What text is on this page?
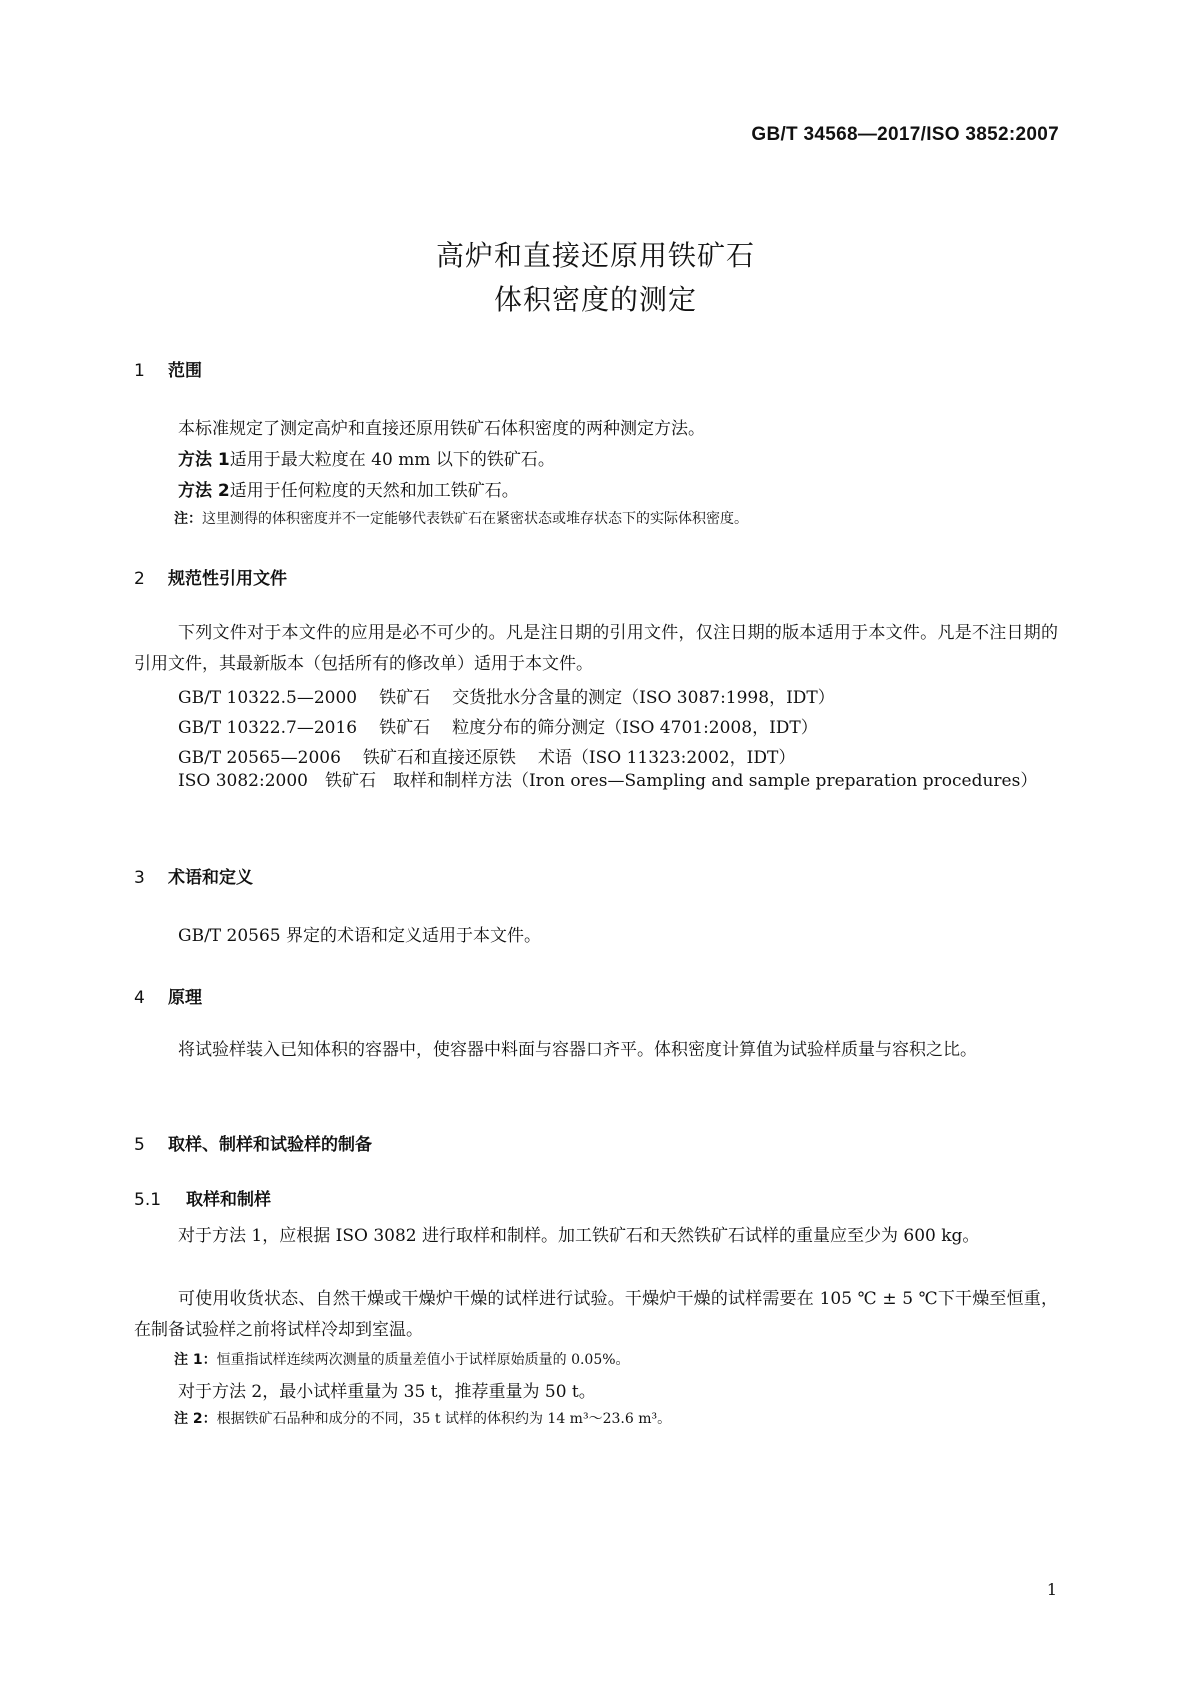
GB/T 34568—2017/ISO 3852:2007
高炉和直接还原用铁矿石
体积密度的测定
1 范围
本标准规定了测定高炉和直接还原用铁矿石体积密度的两种测定方法。
方法 1适用于最大粒度在 40 mm 以下的铁矿石。
方法 2适用于任何粒度的天然和加工铁矿石。
注：这里测得的体积密度并不一定能够代表铁矿石在紧密状态或堆存状态下的实际体积密度。
2 规范性引用文件
下列文件对于本文件的应用是必不可少的。凡是注日期的引用文件，仅注日期的版本适用于本文件。凡是不注日期的引用文件，其最新版本（包括所有的修改单）适用于本文件。
GB/T 10322.5—2000 铁矿石 交货批水分含量的测定（ISO 3087:1998，IDT）
GB/T 10322.7—2016 铁矿石 粒度分布的筛分测定（ISO 4701:2008，IDT）
GB/T 20565—2006 铁矿石和直接还原铁 术语（ISO 11323:2002，IDT）
ISO 3082:2000　铁矿石　取样和制样方法（Iron ores—Sampling and sample preparation procedures）
3 术语和定义
GB/T 20565 界定的术语和定义适用于本文件。
4 原理
将试验样装入已知体积的容器中，使容器中料面与容器口齐平。体积密度计算值为试验样质量与容积之比。
5 取样、制样和试验样的制备
5.1 取样和制样
对于方法 1，应根据 ISO 3082 进行取样和制样。加工铁矿石和天然铁矿石试样的重量应至少为 600 kg。
可使用收货状态、自然干燥或干燥炉干燥的试样进行试验。干燥炉干燥的试样需要在 105 ℃ ± 5 ℃下干燥至恒重，在制备试验样之前将试样冷却到室温。
注 1：恒重指试样连续两次测量的质量差值小于试样原始质量的 0.05%。
对于方法 2，最小试样重量为 35 t，推荐重量为 50 t。
注 2：根据铁矿石品种和成分的不同，35 t 试样的体积约为 14 m³～23.6 m³。
1
